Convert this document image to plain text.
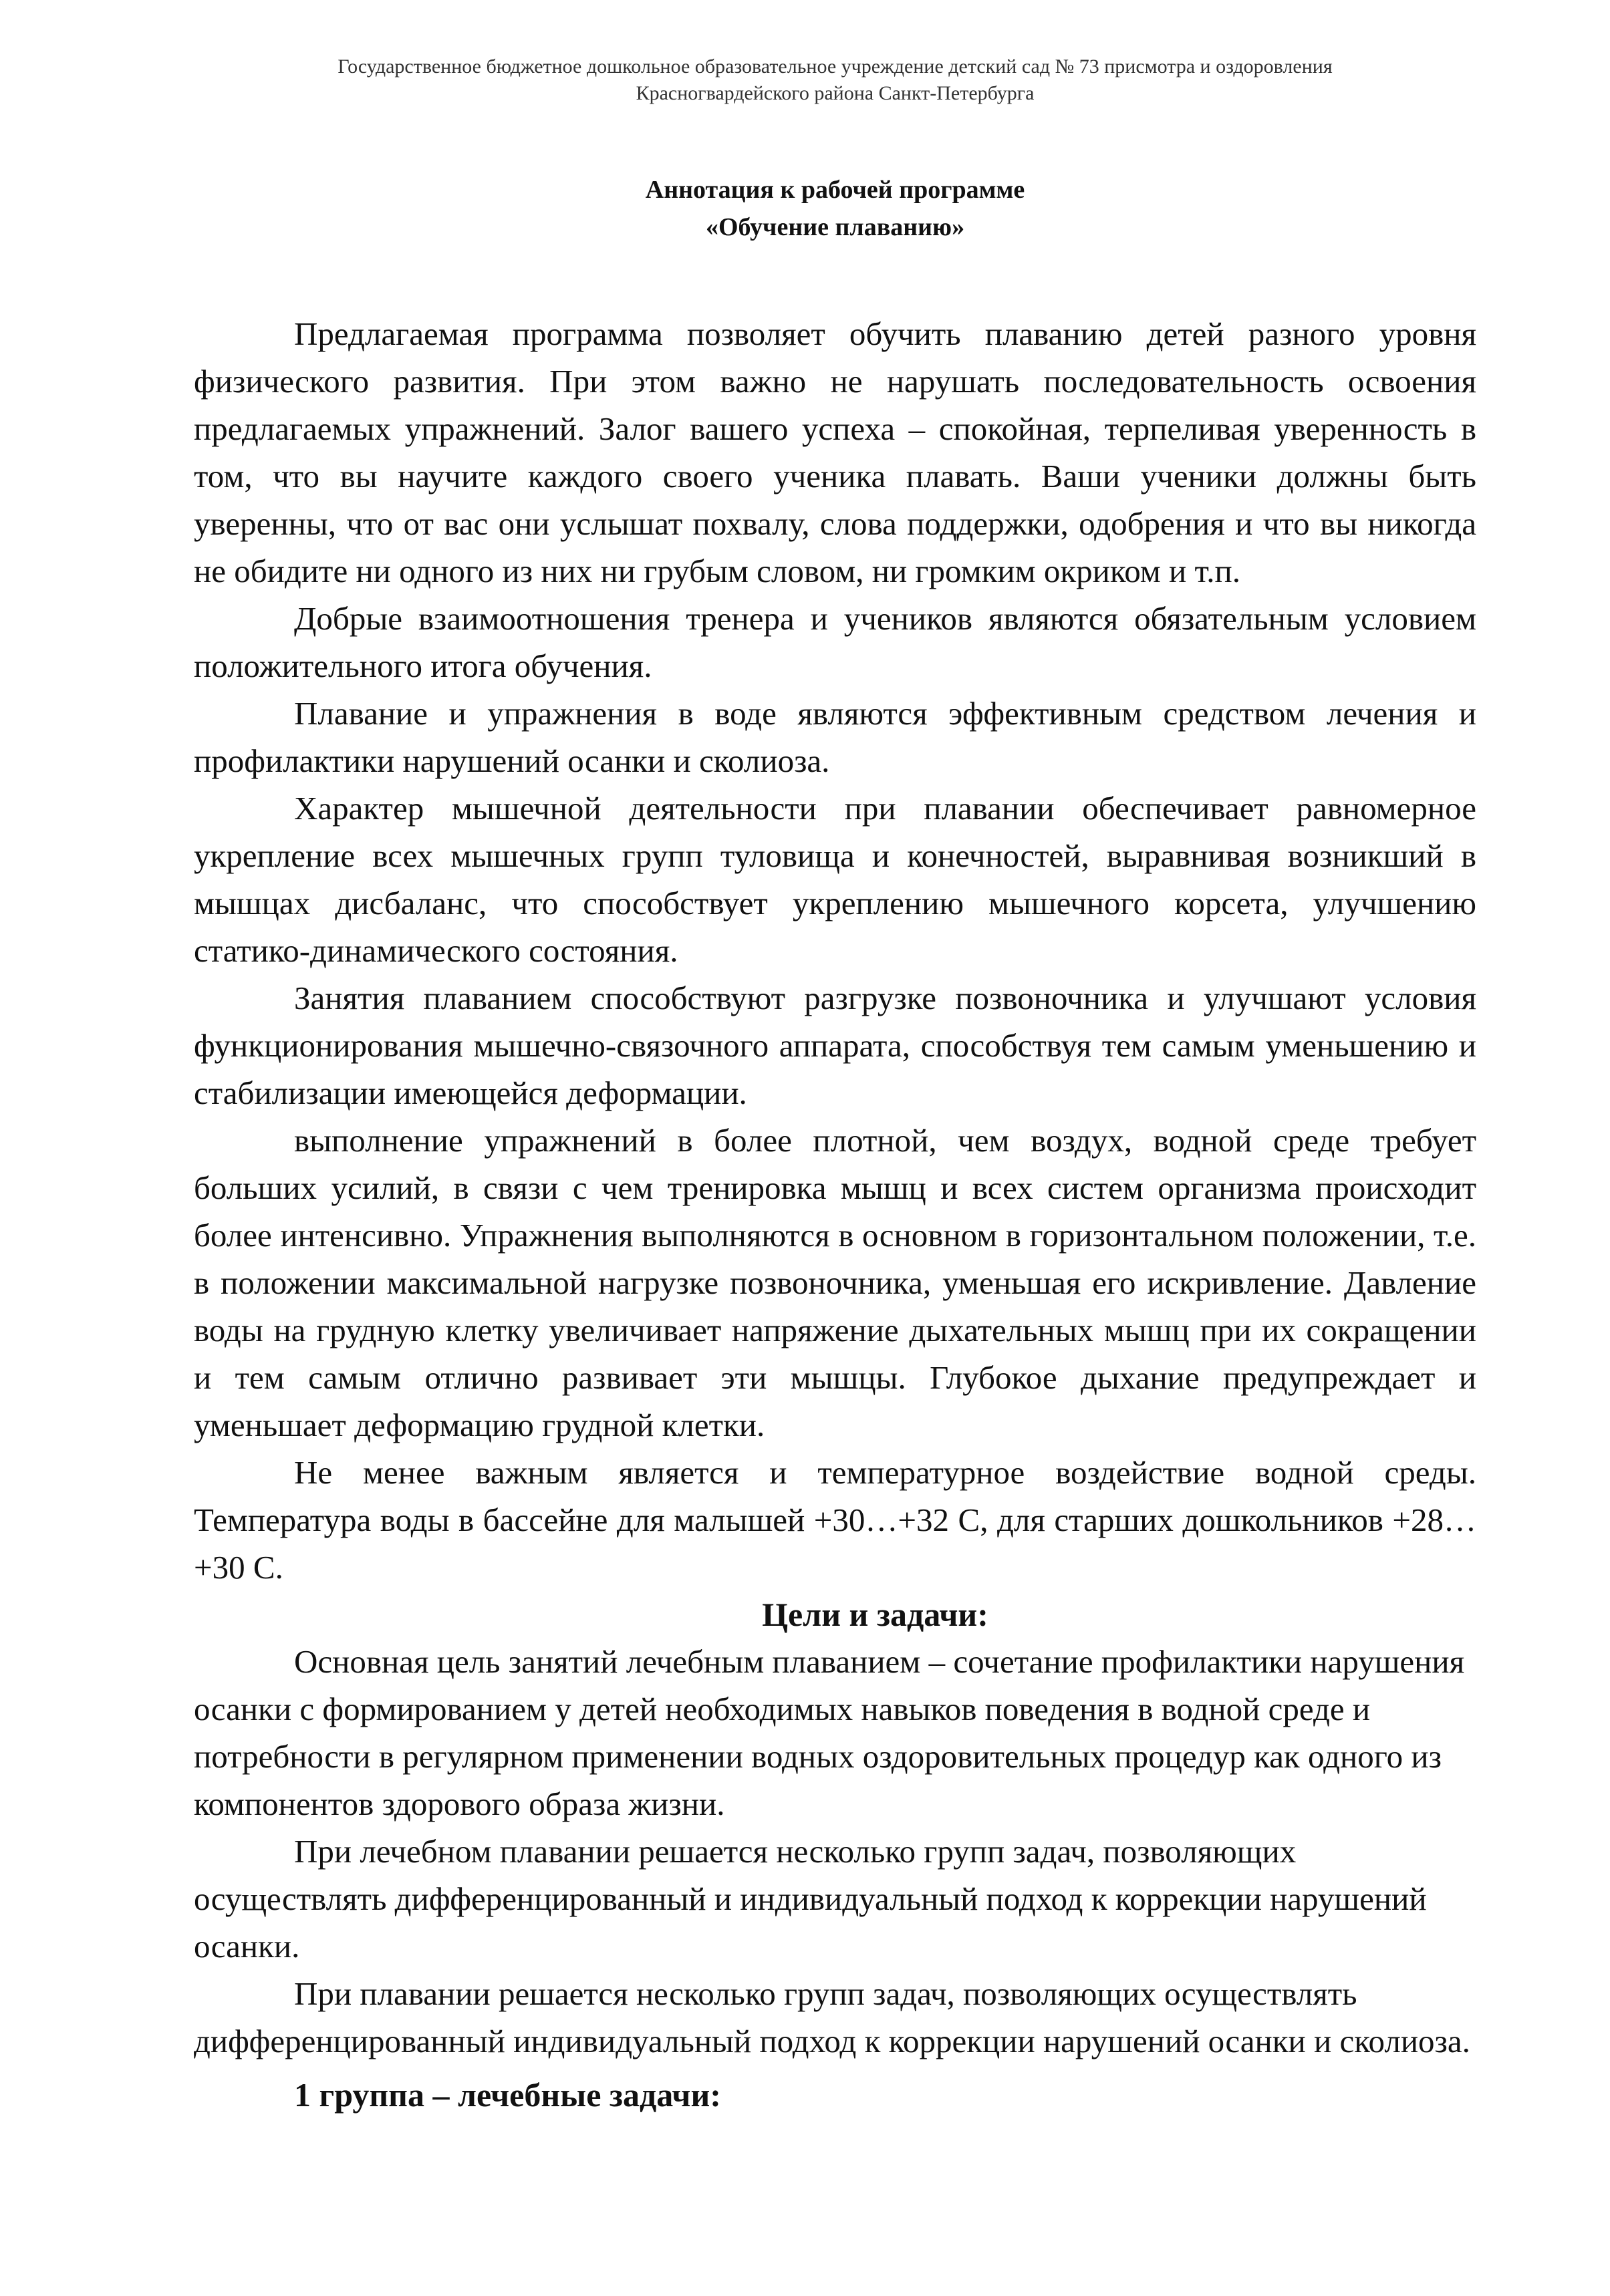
Государственное бюджетное дошкольное образовательное учреждение детский сад № 73 присмотра и оздоровления
Красногвардейского района Санкт-Петербурга
Аннотация к рабочей программе
«Обучение плаванию»

Предлагаемая программа позволяет обучить плаванию детей разного уровня физического развития. При этом важно не нарушать последовательность освоения предлагаемых упражнений. Залог вашего успеха – спокойная, терпеливая уверенность в том, что вы научите каждого своего ученика плавать. Ваши ученики должны быть уверенны, что от вас они услышат похвалу, слова поддержки, одобрения и что вы никогда не обидите ни одного из них ни грубым словом, ни громким окриком и т.п.

Добрые взаимоотношения тренера и учеников являются обязательным условием положительного итога обучения.

Плавание и упражнения в воде являются эффективным средством лечения и профилактики нарушений осанки и сколиоза.

Характер мышечной деятельности при плавании обеспечивает равномерное укрепление всех мышечных групп туловища и конечностей, выравнивая возникший в мышцах дисбаланс, что способствует укреплению мышечного корсета, улучшению статико-динамического состояния.

Занятия плаванием способствуют разгрузке позвоночника и улучшают условия функционирования мышечно-связочного аппарата, способствуя тем самым уменьшению и стабилизации имеющейся деформации.

выполнение упражнений в более плотной, чем воздух, водной среде требует больших усилий, в связи с чем тренировка мышц и всех систем организма происходит более интенсивно. Упражнения выполняются в основном в горизонтальном положении, т.е. в положении максимальной нагрузке позвоночника, уменьшая его искривление. Давление воды на грудную клетку увеличивает напряжение дыхательных мышц при их сокращении и тем самым отлично развивает эти мышцы. Глубокое дыхание предупреждает и уменьшает деформацию грудной клетки.

Не менее важным является и температурное воздействие водной среды. Температура воды в бассейне для малышей +30…+32 С, для старших дошкольников +28…+30 С.

Цели и задачи:

Основная цель занятий лечебным плаванием – сочетание профилактики нарушения осанки с формированием у детей необходимых навыков поведения в водной среде и потребности в регулярном применении водных оздоровительных процедур как одного из компонентов здорового образа жизни.

При лечебном плавании решается несколько групп задач, позволяющих осуществлять дифференцированный и индивидуальный подход к коррекции нарушений осанки.

При плавании решается несколько групп задач, позволяющих осуществлять дифференцированный индивидуальный подход к коррекции нарушений осанки и сколиоза.

1 группа – лечебные задачи:
